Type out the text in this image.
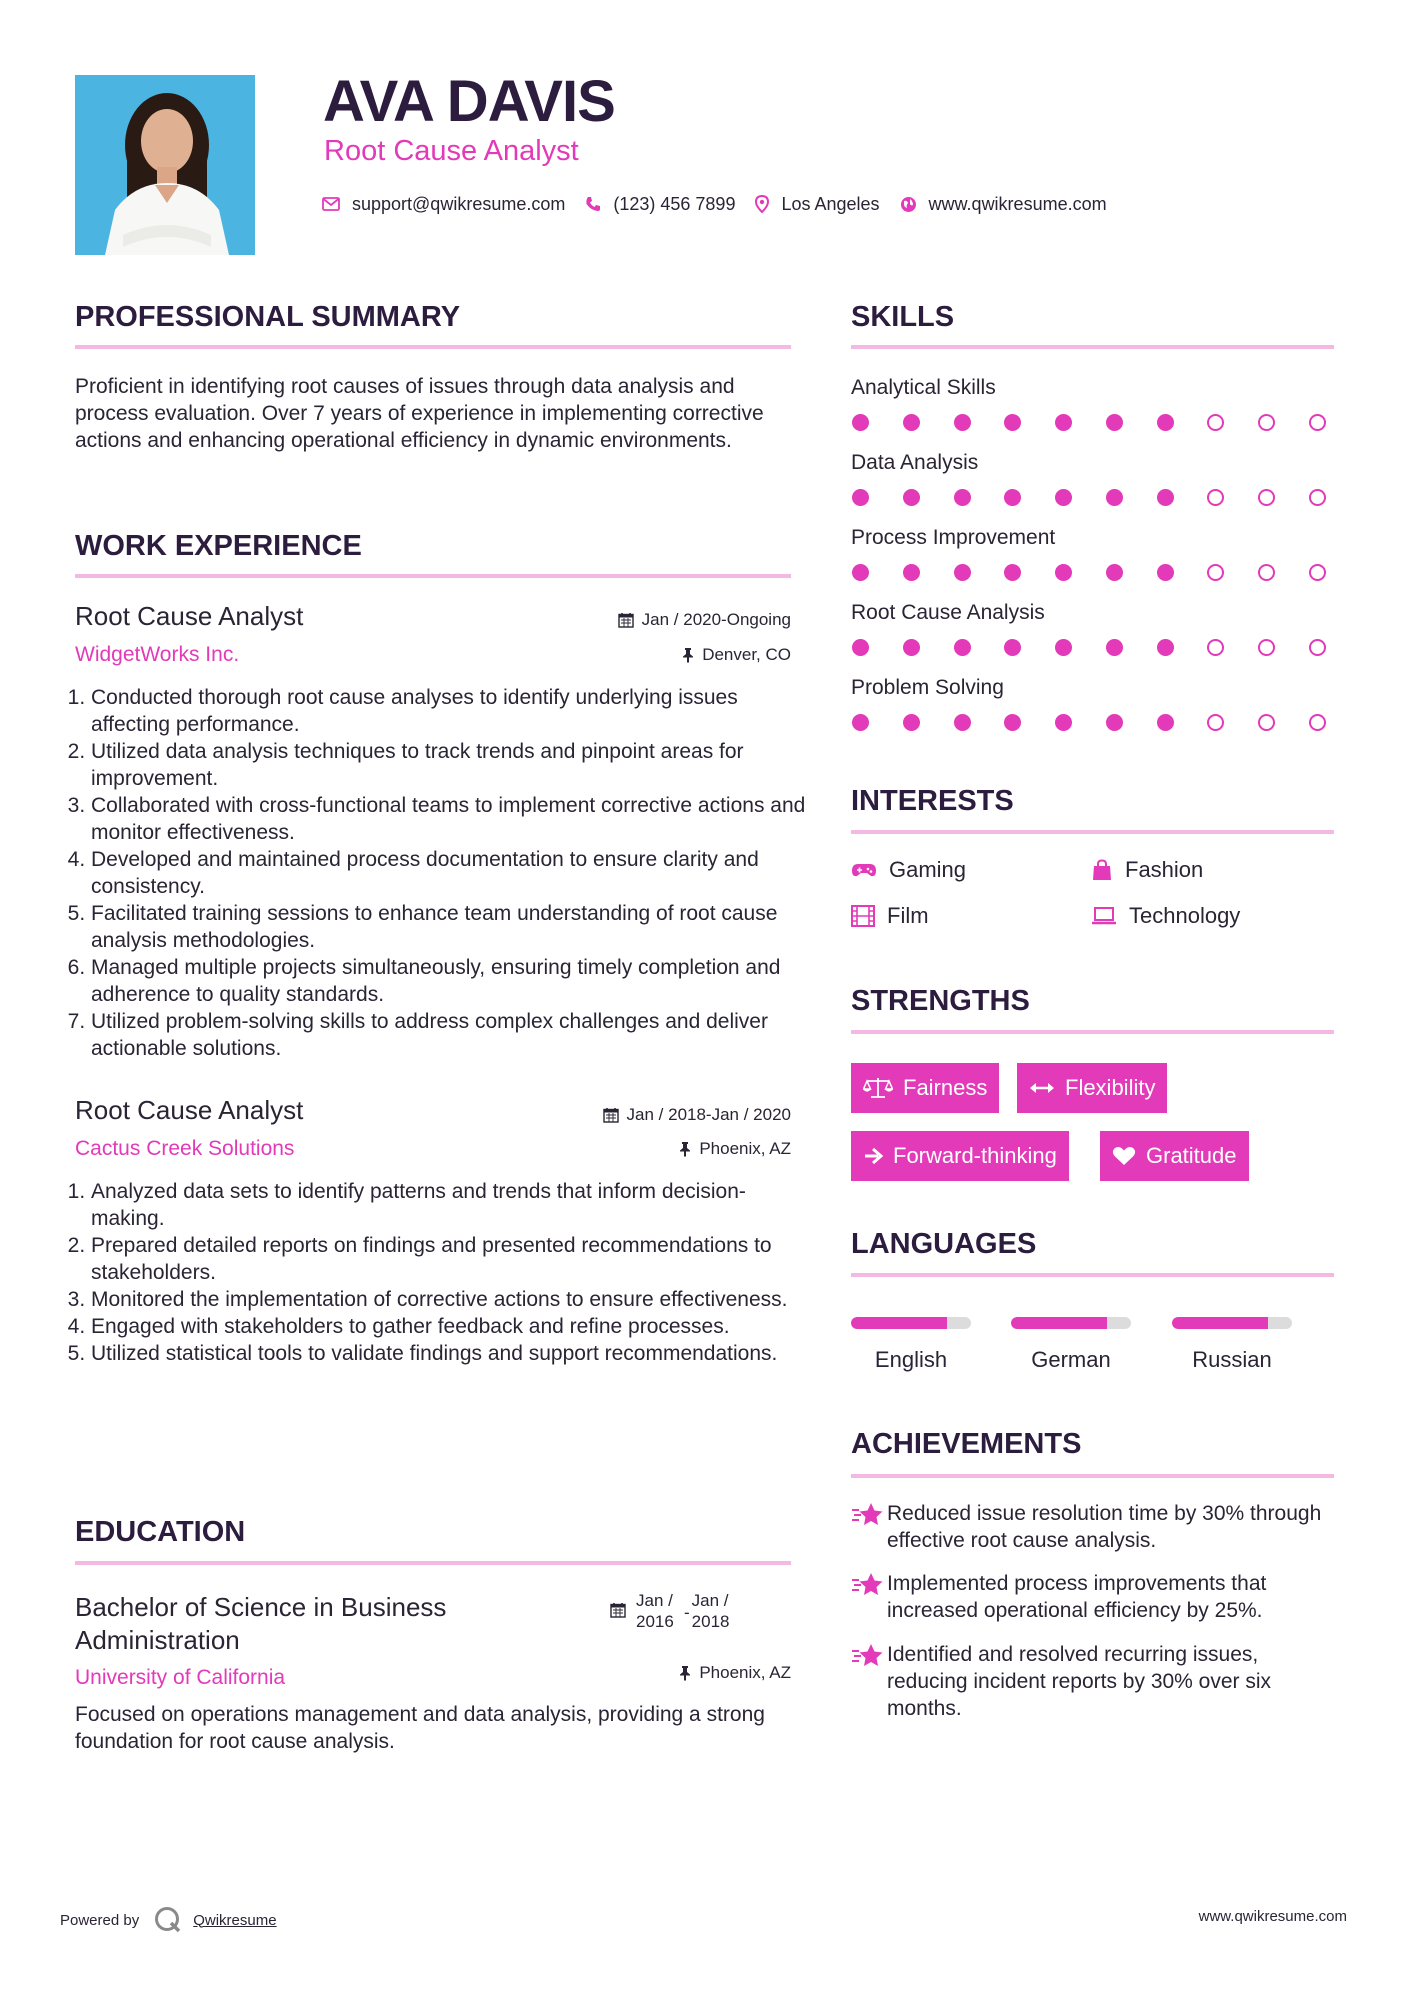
AVA DAVIS
Root Cause Analyst
support@qwikresume.com	(123) 456 7899	Los Angeles	www.qwikresume.com
PROFESSIONAL SUMMARY
Proficient in identifying root causes of issues through data analysis and process evaluation. Over 7 years of experience in implementing corrective actions and enhancing operational efficiency in dynamic environments.
WORK EXPERIENCE
Root Cause Analyst	Jan / 2020-Ongoing
WidgetWorks Inc.	Denver, CO
1. Conducted thorough root cause analyses to identify underlying issues affecting performance.
2. Utilized data analysis techniques to track trends and pinpoint areas for improvement.
3. Collaborated with cross-functional teams to implement corrective actions and monitor effectiveness.
4. Developed and maintained process documentation to ensure clarity and consistency.
5. Facilitated training sessions to enhance team understanding of root cause analysis methodologies.
6. Managed multiple projects simultaneously, ensuring timely completion and adherence to quality standards.
7. Utilized problem-solving skills to address complex challenges and deliver actionable solutions.
Root Cause Analyst	Jan / 2018-Jan / 2020
Cactus Creek Solutions	Phoenix, AZ
1. Analyzed data sets to identify patterns and trends that inform decision-making.
2. Prepared detailed reports on findings and presented recommendations to stakeholders.
3. Monitored the implementation of corrective actions to ensure effectiveness.
4. Engaged with stakeholders to gather feedback and refine processes.
5. Utilized statistical tools to validate findings and support recommendations.
EDUCATION
Bachelor of Science in Business Administration
Jan /
2016 -
Jan /
2018
University of California	Phoenix, AZ
Focused on operations management and data analysis, providing a strong foundation for root cause analysis.
SKILLS
Analytical Skills
Data Analysis
Process Improvement
Root Cause Analysis
Problem Solving
INTERESTS
Gaming	Fashion
Film	Technology
STRENGTHS
Fairness	Flexibility
Forward-thinking	Gratitude
LANGUAGES
English	German	Russian
ACHIEVEMENTS
Reduced issue resolution time by 30% through effective root cause analysis.
Implemented process improvements that increased operational efficiency by 25%.
Identified and resolved recurring issues, reducing incident reports by 30% over six months.
Powered by	Qwikresume	www.qwikresume.com
